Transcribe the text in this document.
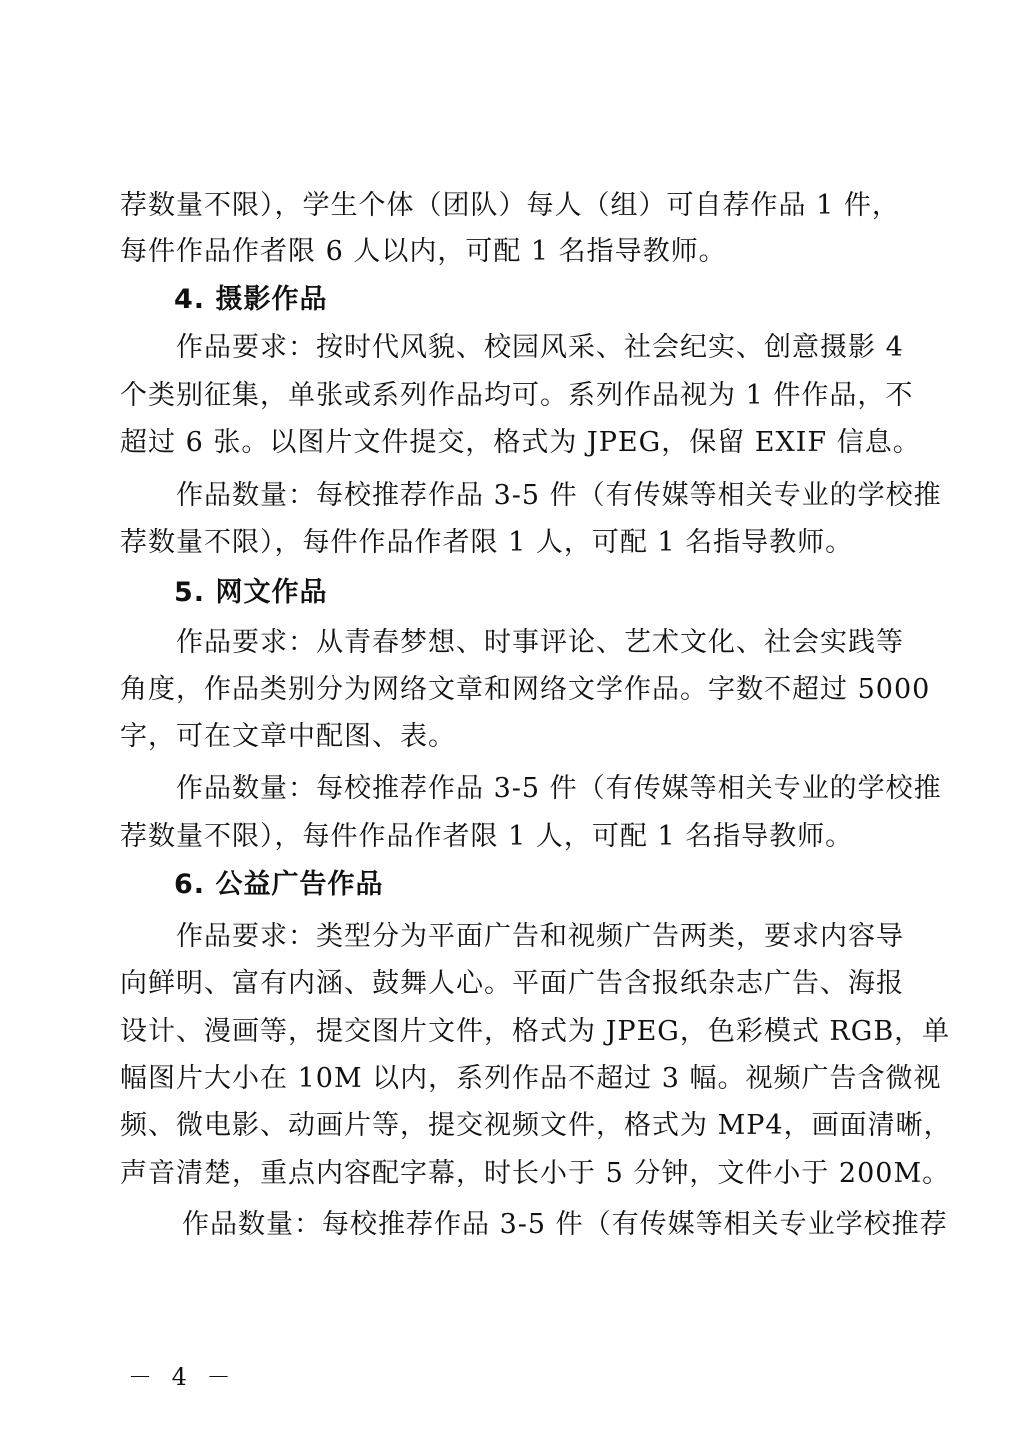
荐数量不限），学生个体（团队）每人（组）可自荐作品 1 件，
每件作品作者限 6 人以内，可配 1 名指导教师。
4. 摄影作品
作品要求：按时代风貌、校园风采、社会纪实、创意摄影 4
个类别征集，单张或系列作品均可。系列作品视为 1 件作品，不
超过 6 张。以图片文件提交，格式为 JPEG，保留 EXIF 信息。
作品数量：每校推荐作品 3-5 件（有传媒等相关专业的学校推
荐数量不限），每件作品作者限 1 人，可配 1 名指导教师。
5. 网文作品
作品要求：从青春梦想、时事评论、艺术文化、社会实践等
角度，作品类别分为网络文章和网络文学作品。字数不超过 5000
字，可在文章中配图、表。
作品数量：每校推荐作品 3-5 件（有传媒等相关专业的学校推
荐数量不限），每件作品作者限 1 人，可配 1 名指导教师。
6. 公益广告作品
作品要求：类型分为平面广告和视频广告两类，要求内容导
向鲜明、富有内涵、鼓舞人心。平面广告含报纸杂志广告、海报
设计、漫画等，提交图片文件，格式为 JPEG，色彩模式 RGB，单
幅图片大小在 10M 以内，系列作品不超过 3 幅。视频广告含微视
频、微电影、动画片等，提交视频文件，格式为 MP4，画面清晰，
声音清楚，重点内容配字幕，时长小于 5 分钟，文件小于 200M。
作品数量：每校推荐作品 3-5 件（有传媒等相关专业学校推荐
－ 4 －
